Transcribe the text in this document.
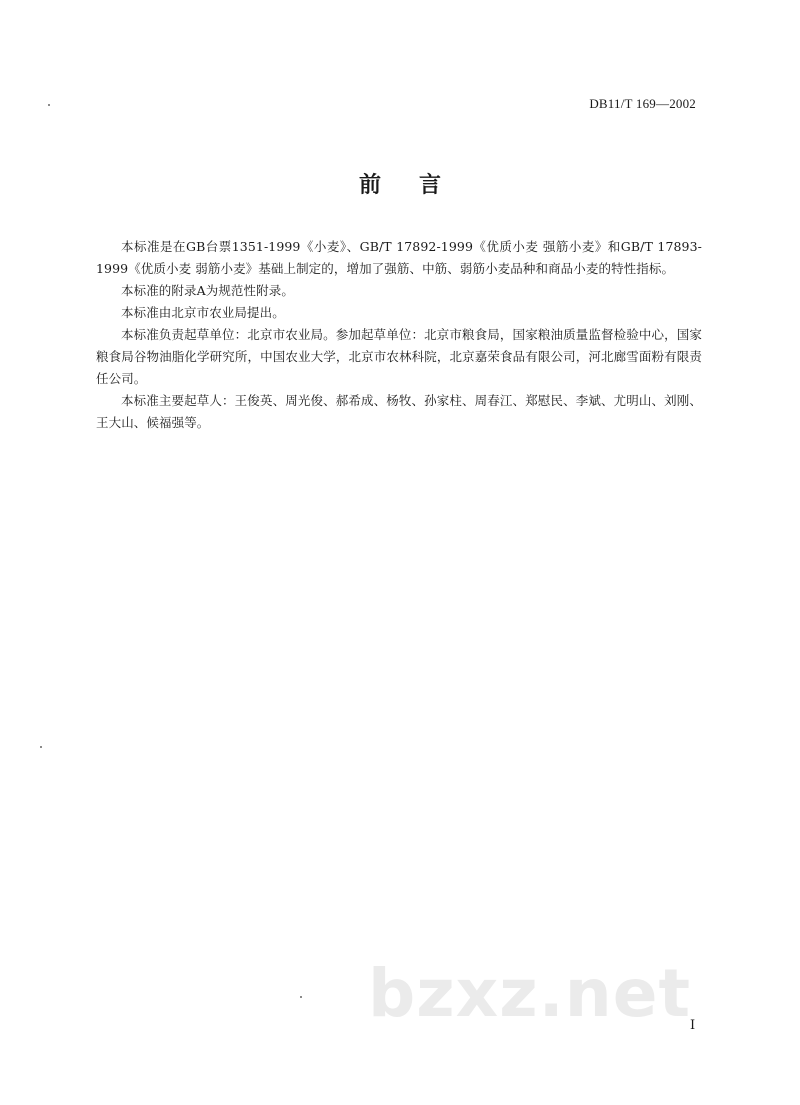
DB11/T 169—2002
前言

本标准是在GB台票1351-1999《小麦》、GB/T 17892-1999《优质小麦 强筋小麦》和GB/T 17893-1999《优质小麦 弱筋小麦》基础上制定的，增加了强筋、中筋、弱筋小麦品种和商品小麦的特性指标。

本标准的附录A为规范性附录。

本标准由北京市农业局提出。

本标准负责起草单位：北京市农业局。参加起草单位：北京市粮食局，国家粮油质量监督检验中心，国家粮食局谷物油脂化学研究所，中国农业大学，北京市农林科院，北京嘉荣食品有限公司，河北廊雪面粉有限责任公司。

本标准主要起草人：王俊英、周光俊、郝希成、杨牧、孙家柱、周春江、郑慰民、李斌、尤明山、刘刚、王大山、候福强等。

bzxz.net
I
